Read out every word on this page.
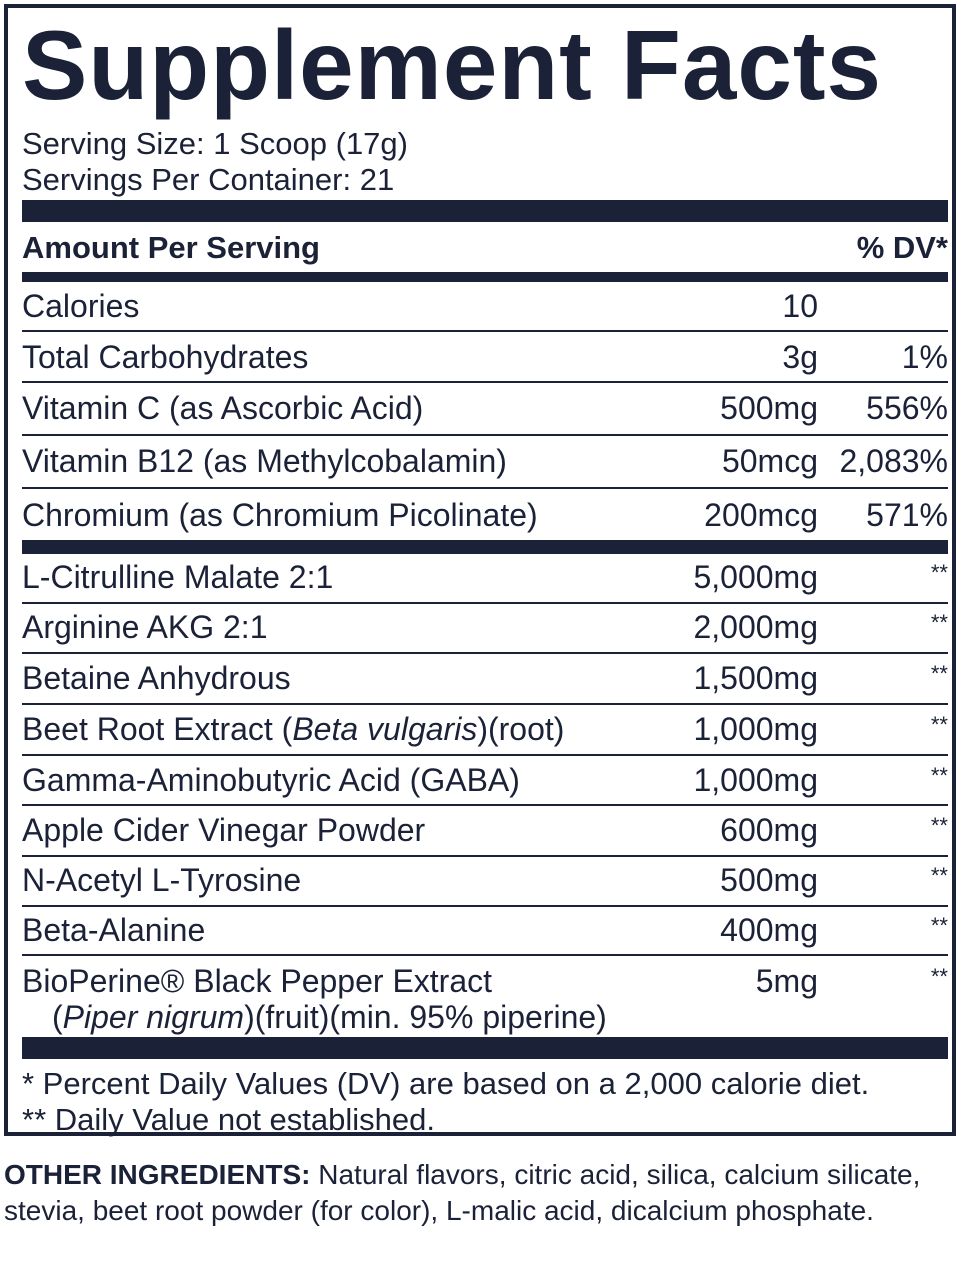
Supplement Facts
Serving Size: 1 Scoop (17g)
Servings Per Container: 21
Amount Per Serving	% DV*
Calories	10
Total Carbohydrates	3g	1%
Vitamin C (as Ascorbic Acid)	500mg 556%
Vitamin B12 (as Methylcobalamin)	50mcg 2,083%
Chromium (as Chromium Picolinate)	200mcg 571%
L-Citrulline Malate 2:1	5,000mg	**
Arginine AKG 2:1	2,000mg	**
Betaine Anhydrous	1,500mg	**
Beet Root Extract (Beta vulgaris)(root)	1,000mg	**
Gamma-Aminobutyric Acid (GABA)	1,000mg	**
Apple Cider Vinegar Powder	600mg	**
N-Acetyl L-Tyrosine	500mg	**
Beta-Alanine	400mg	**
BioPerine® Black Pepper Extract
(Piper nigrum)(fruit)(min. 95% piperine)
5mg	**
* Percent Daily Values (DV) are based on a 2,000 calorie diet.
** Daily Value not established.
OTHER INGREDIENTS: Natural flavors, citric acid, silica, calcium silicate, stevia, beet root powder (for color), L-malic acid, dicalcium phosphate.
